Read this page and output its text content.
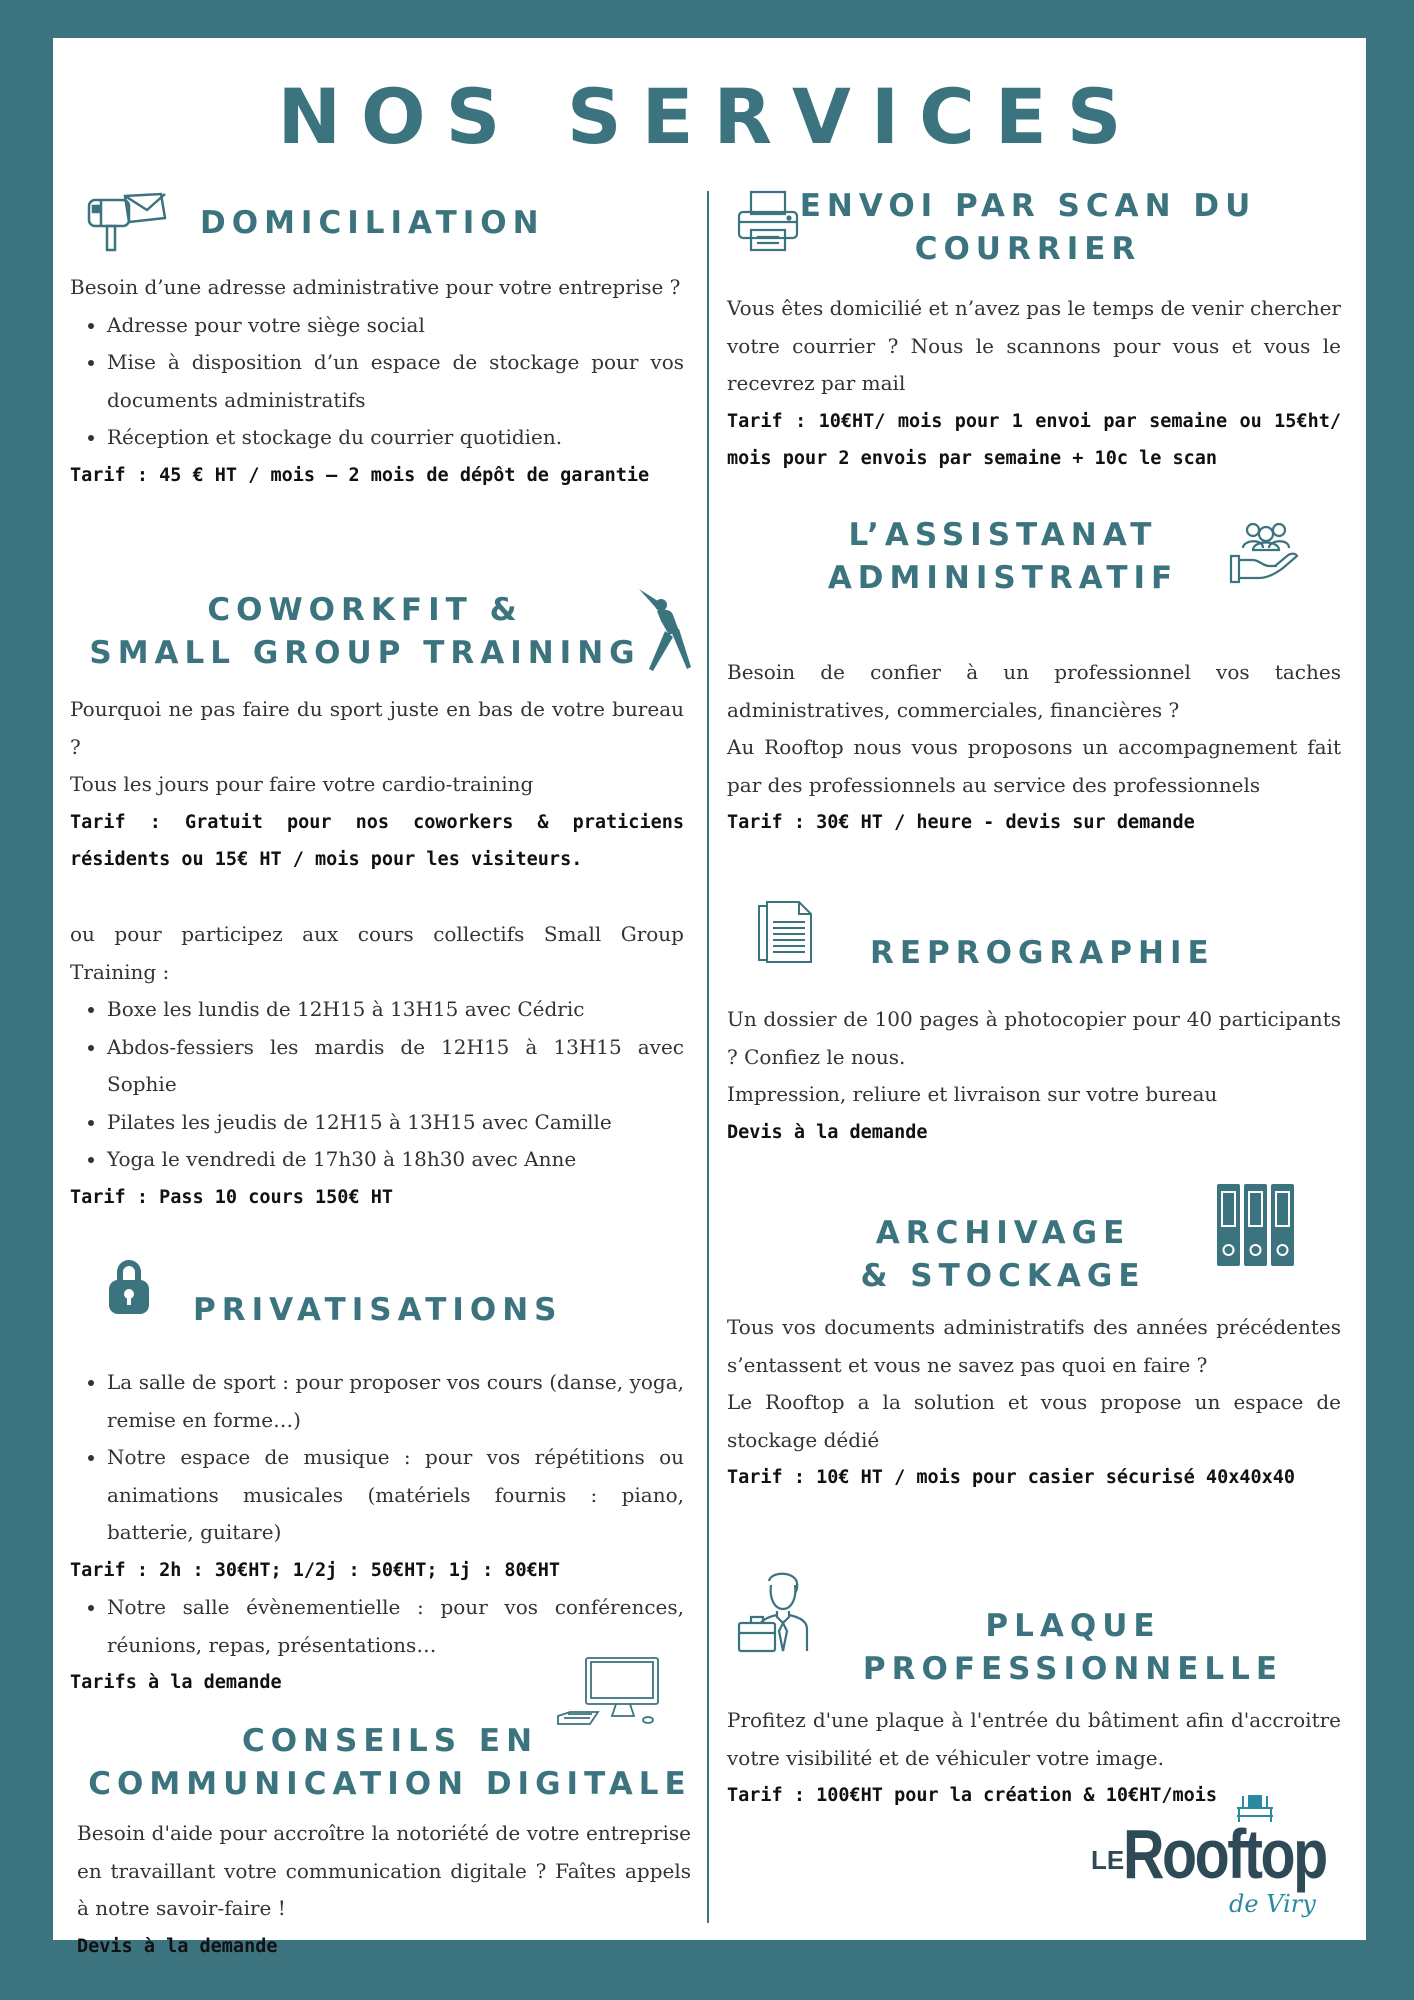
NOS SERVICES
DOMICILIATION

Besoin d’une adresse administrative pour votre entreprise ?

• Adresse pour votre siège social
• Mise à disposition d’un espace de stockage pour vos documents administratifs
• Réception et stockage du courrier quotidien.

Tarif : 45 € HT / mois – 2 mois de dépôt de garantie

COWORKFIT &
SMALL GROUP TRAINING

Pourquoi ne pas faire du sport juste en bas de votre bureau ?

Tous les jours pour faire votre cardio-training

Tarif : Gratuit pour nos coworkers & praticiens résidents ou 15€ HT / mois pour les visiteurs.

ou pour participez aux cours collectifs Small Group Training :

• Boxe les lundis de 12H15 à 13H15 avec Cédric
• Abdos-fessiers les mardis de 12H15 à 13H15 avec Sophie
• Pilates les jeudis de 12H15 à 13H15 avec Camille
• Yoga le vendredi de 17h30 à 18h30 avec Anne

Tarif : Pass 10 cours 150€ HT

PRIVATISATIONS
• La salle de sport : pour proposer vos cours (danse, yoga, remise en forme…)
• Notre espace de musique : pour vos répétitions ou animations musicales (matériels fournis : piano, batterie, guitare)

Tarif : 2h : 30€HT; 1/2j : 50€HT; 1j : 80€HT

• Notre salle évènementielle : pour vos conférences, réunions, repas, présentations…

Tarifs à la demande

CONSEILS EN
COMMUNICATION DIGITALE

Besoin d'aide pour accroître la notoriété de votre entreprise en travaillant votre communication digitale ? Faîtes appels à notre savoir-faire !

Devis à la demande

ENVOI PAR SCAN DU
COURRIER

Vous êtes domicilié et n’avez pas le temps de venir chercher votre courrier ? Nous le scannons pour vous et vous le recevrez par mail

Tarif : 10€HT/ mois pour 1 envoi par semaine ou 15€ht/ mois pour 2 envois par semaine + 10c le scan

L’ASSISTANAT
ADMINISTRATIF

Besoin de confier à un professionnel vos taches administratives, commerciales, financières ?

Au Rooftop nous vous proposons un accompagnement fait par des professionnels au service des professionnels

Tarif : 30€ HT / heure - devis sur demande

REPROGRAPHIE

Un dossier de 100 pages à photocopier pour 40 participants ? Confiez le nous.

Impression, reliure et livraison sur votre bureau

Devis à la demande

ARCHIVAGE
& STOCKAGE

Tous vos documents administratifs des années précédentes s’entassent et vous ne savez pas quoi en faire ?

Le Rooftop a la solution et vous propose un espace de stockage dédié

Tarif : 10€ HT / mois pour casier sécurisé 40x40x40

PLAQUE
PROFESSIONNELLE

Profitez d'une plaque à l'entrée du bâtiment afin d'accroitre votre visibilité et de véhiculer votre image.

Tarif : 100€HT pour la création & 10€HT/mois

LE
Rooftop
de Viry
